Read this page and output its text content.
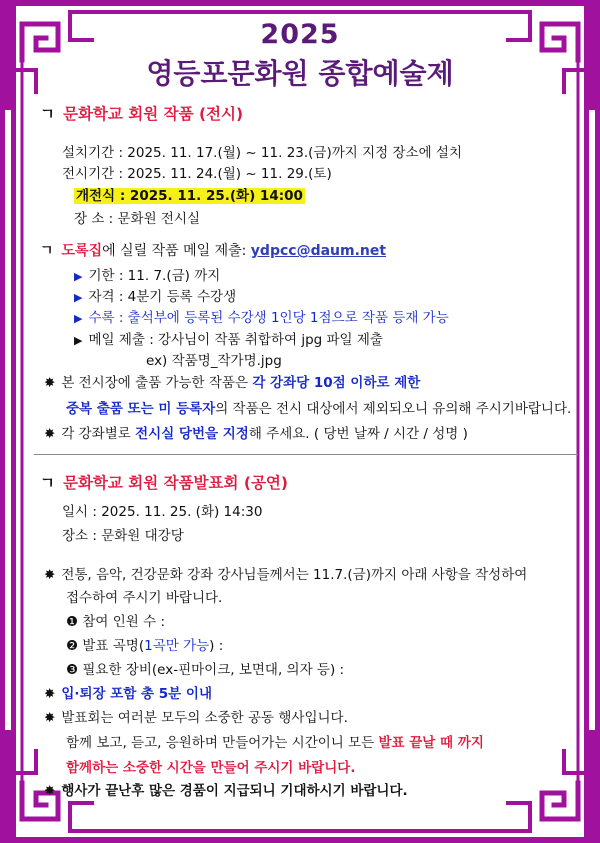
2025
영등포문화원 종합예술제
ㄱ 문화학교 회원 작품 (전시)
설치기간 : 2025. 11. 17.(월) ~ 11. 23.(금)까지 지정 장소에 설치
전시기간 : 2025. 11. 24.(월) ~ 11. 29.(토)
개전식 : 2025. 11. 25.(화) 14:00
장 소 : 문화원 전시실
ㄱ 도록집에 실릴 작품 메일 제출: ydpcc@daum.net
▶ 기한 : 11. 7.(금) 까지
▶ 자격 : 4분기 등록 수강생
▶ 수록 : 출석부에 등록된 수강생 1인당 1점으로 작품 등재 가능
▶ 메일 제출 : 강사님이 작품 취합하여 jpg 파일 제출
ex) 작품명_작가명.jpg
✸ 본 전시장에 출품 가능한 작품은 각 강좌당 10점 이하로 제한
중복 출품 또는 미 등록자의 작품은 전시 대상에서 제외되오니 유의해 주시기바랍니다.
✸ 각 강좌별로 전시실 당번을 지정해 주세요. ( 당번 날짜 / 시간 / 성명 )
ㄱ 문화학교 회원 작품발표회 (공연)
일시 : 2025. 11. 25. (화) 14:30
장소 : 문화원 대강당
✸ 전통, 음악, 건강문화 강좌 강사님들께서는 11.7.(금)까지 아래 사항을 작성하여
접수하여 주시기 바랍니다.
❶ 참여 인원 수 :
❷ 발표 곡명(1곡만 가능) :
❸ 필요한 장비(ex-핀마이크, 보면대, 의자 등) :
✸ 입·퇴장 포함 총 5분 이내
✸ 발표회는 여러분 모두의 소중한 공동 행사입니다.
함께 보고, 듣고, 응원하며 만들어가는 시간이니 모든 발표 끝날 때 까지
함께하는 소중한 시간을 만들어 주시기 바랍니다.
✸ 행사가 끝난후 많은 경품이 지급되니 기대하시기 바랍니다.
